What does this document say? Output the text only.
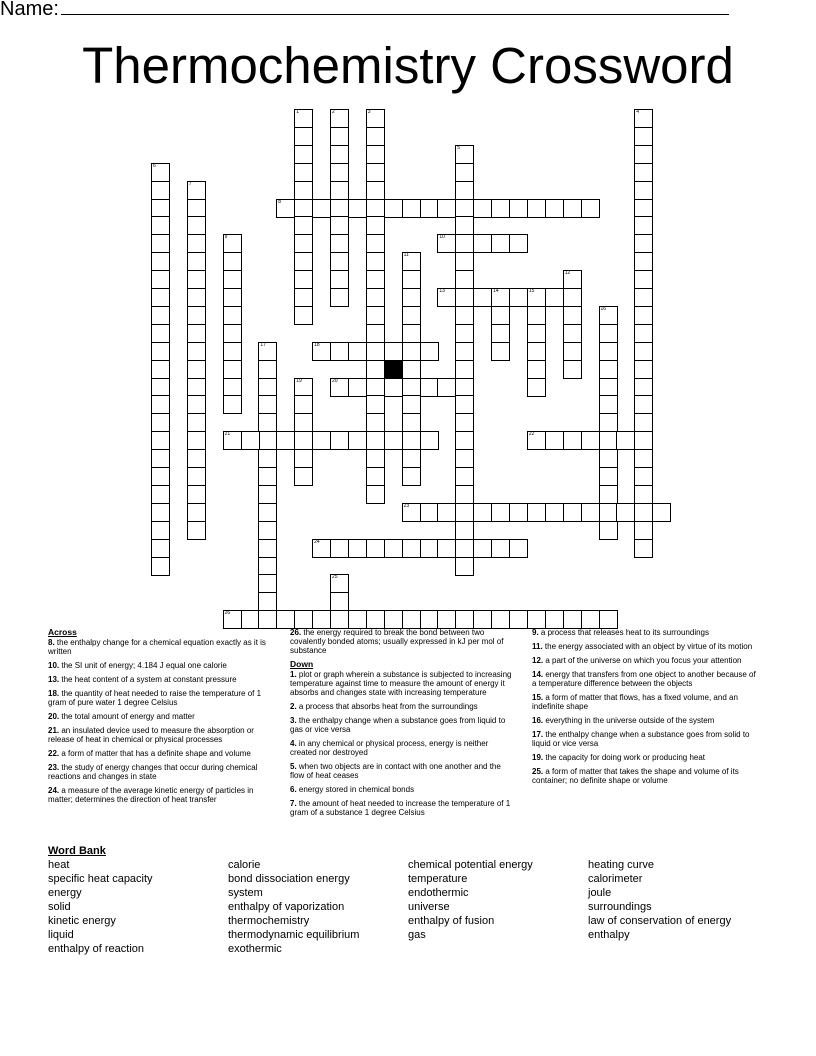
Name:
Thermochemistry Crossword
1	2	3	4
5
6
7
8
9	10
11
12
13	14	15
16
17	18
19	20
21	22
23
24
25
26
Across
8. the enthalpy change for a chemical equation exactly as it is written
10. the SI unit of energy; 4.184 J equal one calorie
13. the heat content of a system at constant pressure
18. the quantity of heat needed to raise the temperature of 1 gram of pure water 1 degree Celsius
20. the total amount of energy and matter
21. an insulated device used to measure the absorption or release of heat in chemical or physical processes
22. a form of matter that has a definite shape and volume
23. the study of energy changes that occur during chemical reactions and changes in state
24. a measure of the average kinetic energy of particles in matter; determines the direction of heat transfer
26. the energy required to break the bond between two covalently bonded atoms; usually expressed in kJ per mol of substance
Down
1. plot or graph wherein a substance is subjected to increasing temperature against time to measure the amount of energy it absorbs and changes state with increasing temperature
2. a process that absorbs heat from the surroundings
3. the enthalpy change when a substance goes from liquid to gas or vice versa
4. in any chemical or physical process, energy is neither created nor destroyed
5. when two objects are in contact with one another and the flow of heat ceases
6. energy stored in chemical bonds
7. the amount of heat needed to increase the temperature of 1 gram of a substance 1 degree Celsius
9. a process that releases heat to its surroundings
11. the energy associated with an object by virtue of its motion
12. a part of the universe on which you focus your attention
14. energy that transfers from one object to another because of a temperature difference between the objects
15. a form of matter that flows, has a fixed volume, and an indefinite shape
16. everything in the universe outside of the system
17. the enthalpy change when a substance goes from solid to liquid or vice versa
19. the capacity for doing work or producing heat
25. a form of matter that takes the shape and volume of its container; no definite shape or volume
Word Bank
heat
specific heat capacity
energy
solid
kinetic energy
liquid
enthalpy of reaction
calorie
bond dissociation energy
system
enthalpy of vaporization
thermochemistry
thermodynamic equilibrium
exothermic
chemical potential energy
temperature
endothermic
universe
enthalpy of fusion
gas
heating curve
calorimeter
joule
surroundings
law of conservation of energy
enthalpy
